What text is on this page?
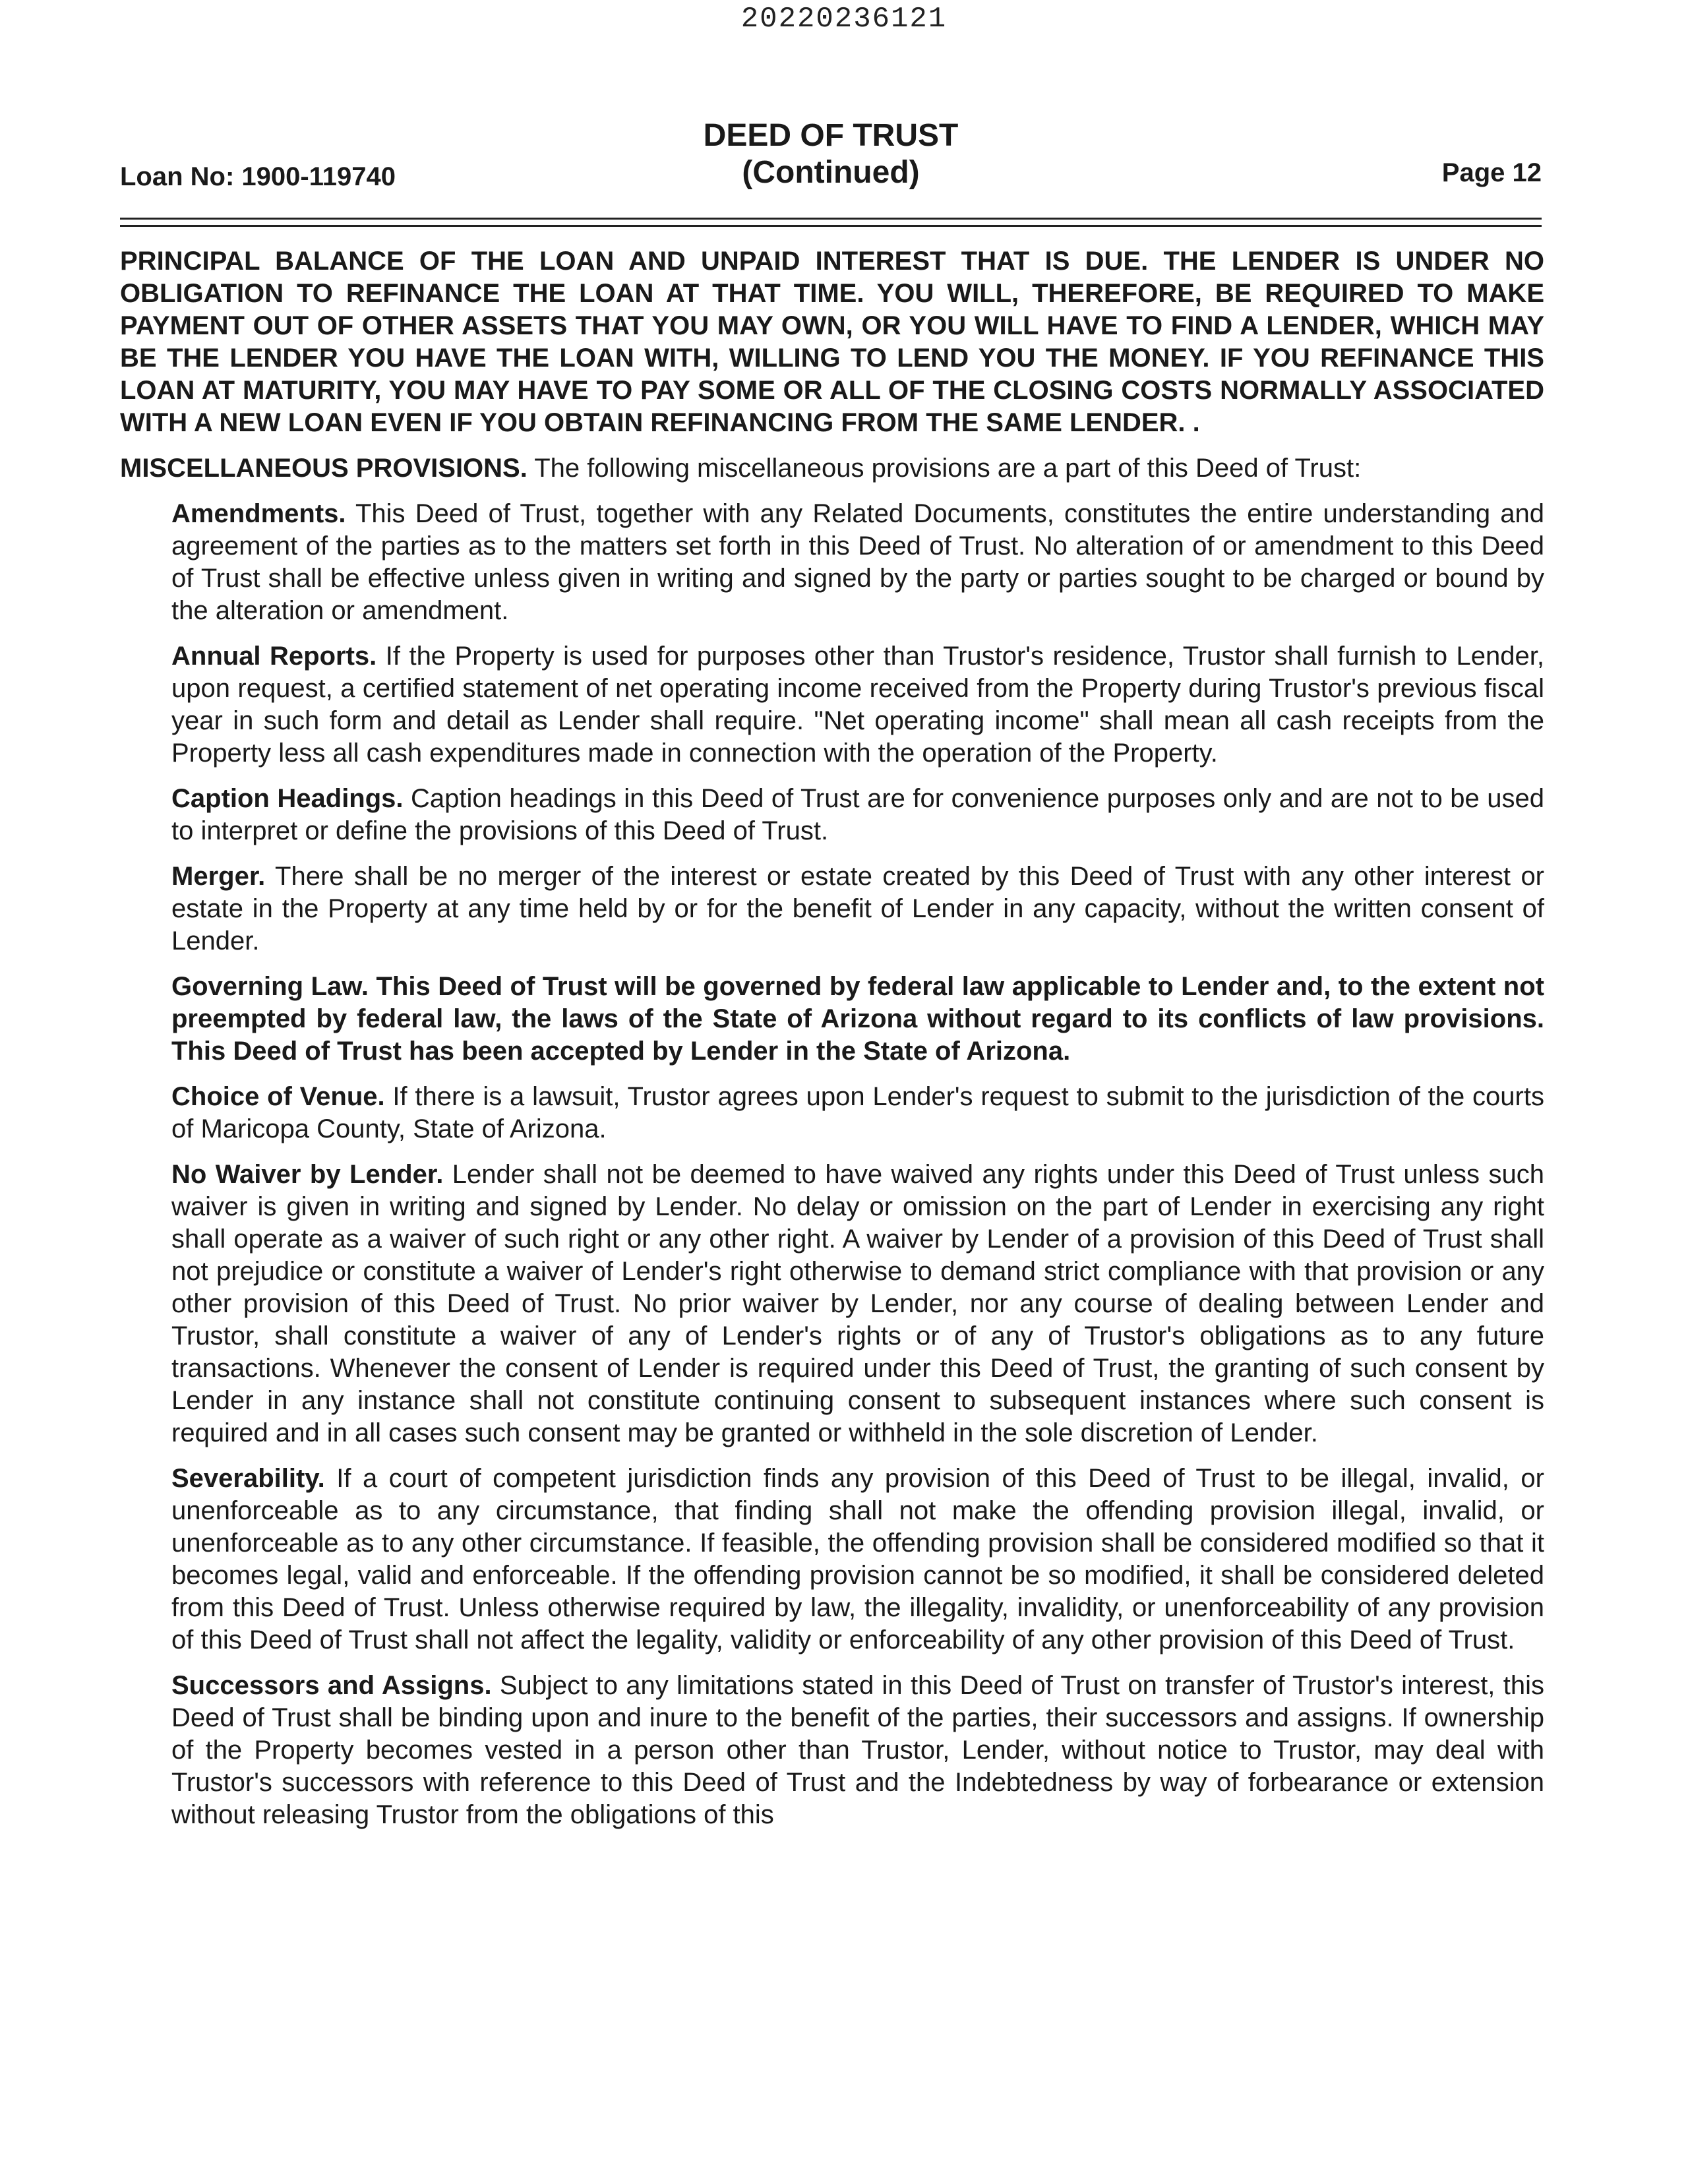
20220236121
DEED OF TRUST
(Continued)
Loan No: 1900-119740	Page 12

PRINCIPAL BALANCE OF THE LOAN AND UNPAID INTEREST THAT IS DUE. THE LENDER IS UNDER NO OBLIGATION TO REFINANCE THE LOAN AT THAT TIME. YOU WILL, THEREFORE, BE REQUIRED TO MAKE PAYMENT OUT OF OTHER ASSETS THAT YOU MAY OWN, OR YOU WILL HAVE TO FIND A LENDER, WHICH MAY BE THE LENDER YOU HAVE THE LOAN WITH, WILLING TO LEND YOU THE MONEY. IF YOU REFINANCE THIS LOAN AT MATURITY, YOU MAY HAVE TO PAY SOME OR ALL OF THE CLOSING COSTS NORMALLY ASSOCIATED WITH A NEW LOAN EVEN IF YOU OBTAIN REFINANCING FROM THE SAME LENDER. .

MISCELLANEOUS PROVISIONS. The following miscellaneous provisions are a part of this Deed of Trust:

Amendments. This Deed of Trust, together with any Related Documents, constitutes the entire understanding and agreement of the parties as to the matters set forth in this Deed of Trust. No alteration of or amendment to this Deed of Trust shall be effective unless given in writing and signed by the party or parties sought to be charged or bound by the alteration or amendment.

Annual Reports. If the Property is used for purposes other than Trustor's residence, Trustor shall furnish to Lender, upon request, a certified statement of net operating income received from the Property during Trustor's previous fiscal year in such form and detail as Lender shall require. "Net operating income" shall mean all cash receipts from the Property less all cash expenditures made in connection with the operation of the Property.

Caption Headings. Caption headings in this Deed of Trust are for convenience purposes only and are not to be used to interpret or define the provisions of this Deed of Trust.

Merger. There shall be no merger of the interest or estate created by this Deed of Trust with any other interest or estate in the Property at any time held by or for the benefit of Lender in any capacity, without the written consent of Lender.

Governing Law. This Deed of Trust will be governed by federal law applicable to Lender and, to the extent not preempted by federal law, the laws of the State of Arizona without regard to its conflicts of law provisions. This Deed of Trust has been accepted by Lender in the State of Arizona.

Choice of Venue. If there is a lawsuit, Trustor agrees upon Lender's request to submit to the jurisdiction of the courts of Maricopa County, State of Arizona.

No Waiver by Lender. Lender shall not be deemed to have waived any rights under this Deed of Trust unless such waiver is given in writing and signed by Lender. No delay or omission on the part of Lender in exercising any right shall operate as a waiver of such right or any other right. A waiver by Lender of a provision of this Deed of Trust shall not prejudice or constitute a waiver of Lender's right otherwise to demand strict compliance with that provision or any other provision of this Deed of Trust. No prior waiver by Lender, nor any course of dealing between Lender and Trustor, shall constitute a waiver of any of Lender's rights or of any of Trustor's obligations as to any future transactions. Whenever the consent of Lender is required under this Deed of Trust, the granting of such consent by Lender in any instance shall not constitute continuing consent to subsequent instances where such consent is required and in all cases such consent may be granted or withheld in the sole discretion of Lender.

Severability. If a court of competent jurisdiction finds any provision of this Deed of Trust to be illegal, invalid, or unenforceable as to any circumstance, that finding shall not make the offending provision illegal, invalid, or unenforceable as to any other circumstance. If feasible, the offending provision shall be considered modified so that it becomes legal, valid and enforceable. If the offending provision cannot be so modified, it shall be considered deleted from this Deed of Trust. Unless otherwise required by law, the illegality, invalidity, or unenforceability of any provision of this Deed of Trust shall not affect the legality, validity or enforceability of any other provision of this Deed of Trust.

Successors and Assigns. Subject to any limitations stated in this Deed of Trust on transfer of Trustor's interest, this Deed of Trust shall be binding upon and inure to the benefit of the parties, their successors and assigns. If ownership of the Property becomes vested in a person other than Trustor, Lender, without notice to Trustor, may deal with Trustor's successors with reference to this Deed of Trust and the Indebtedness by way of forbearance or extension without releasing Trustor from the obligations of this
